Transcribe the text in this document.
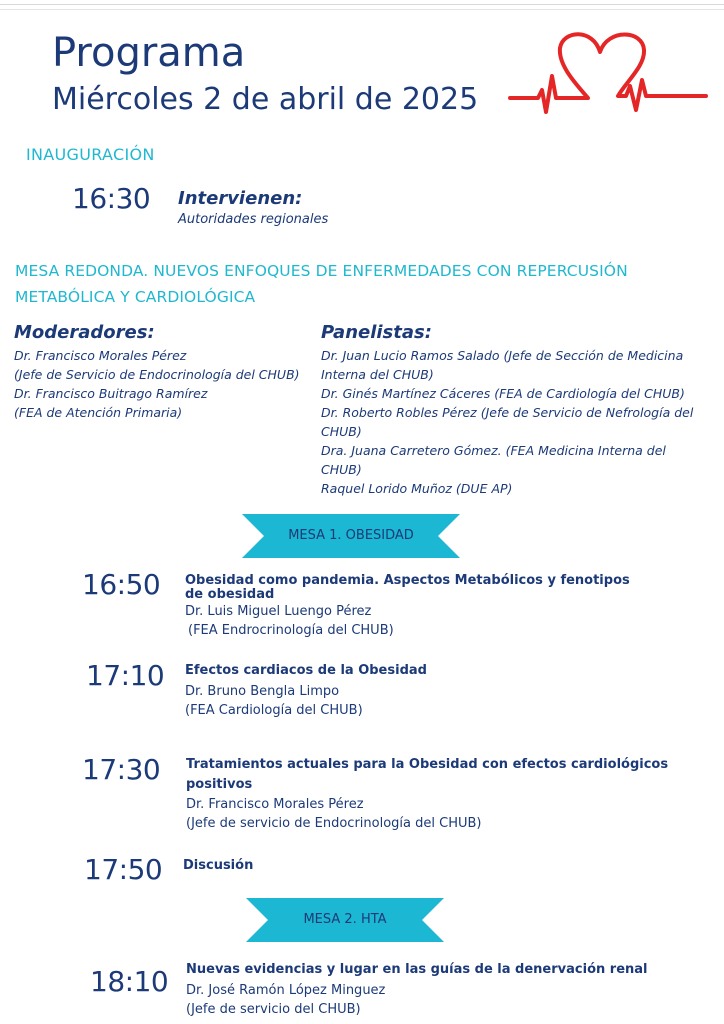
Programa
Miércoles 2 de abril de 2025
INAUGURACIÓN
16:30 Intervienen:
Autoridades regionales
MESA REDONDA. NUEVOS ENFOQUES DE ENFERMEDADES CON REPERCUSIÓN
METABÓLICA Y CARDIOLÓGICA
Moderadores:
Dr. Francisco Morales Pérez
(Jefe de Servicio de Endocrinología del CHUB)
Dr. Francisco Buitrago Ramírez
(FEA de Atención Primaria)
Panelistas:
Dr. Juan Lucio Ramos Salado (Jefe de Sección de Medicina
Interna del CHUB)
Dr. Ginés Martínez Cáceres (FEA de Cardiología del CHUB)
Dr. Roberto Robles Pérez (Jefe de Servicio de Nefrología del
CHUB)
Dra. Juana Carretero Gómez. (FEA Medicina Interna del
CHUB)
Raquel Lorido Muñoz (DUE AP)
MESA 1. OBESIDAD
16:50 Obesidad como pandemia. Aspectos Metabólicos y fenotipos
de obesidad
Dr. Luis Miguel Luengo Pérez
(FEA Endrocrinología del CHUB)
17:10 Efectos cardiacos de la Obesidad
Dr. Bruno Bengla Limpo
(FEA Cardiología del CHUB)
17:30 Tratamientos actuales para la Obesidad con efectos cardiológicos
positivos
Dr. Francisco Morales Pérez
(Jefe de servicio de Endocrinología del CHUB)
17:50 Discusión
MESA 2. HTA
18:10 Nuevas evidencias y lugar en las guías de la denervación renal
Dr. José Ramón López Minguez
(Jefe de servicio del CHUB)
